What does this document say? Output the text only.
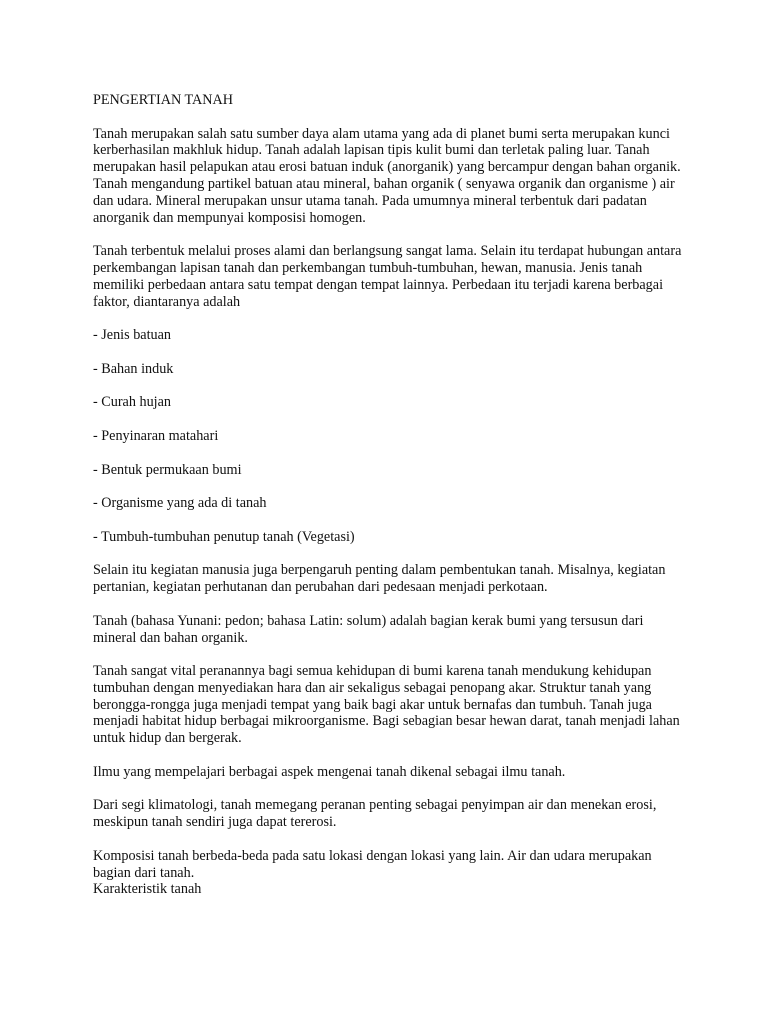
PENGERTIAN TANAH

Tanah merupakan salah satu sumber daya alam utama yang ada di planet bumi serta merupakan kunci kerberhasilan makhluk hidup. Tanah adalah lapisan tipis kulit bumi dan terletak paling luar. Tanah merupakan hasil pelapukan atau erosi batuan induk (anorganik) yang bercampur dengan bahan organik. Tanah mengandung partikel batuan atau mineral, bahan organik ( senyawa organik dan organisme ) air dan udara. Mineral merupakan unsur utama tanah. Pada umumnya mineral terbentuk dari padatan anorganik dan mempunyai komposisi homogen.

Tanah terbentuk melalui proses alami dan berlangsung sangat lama. Selain itu terdapat hubungan antara perkembangan lapisan tanah dan perkembangan tumbuh-tumbuhan, hewan, manusia. Jenis tanah memiliki perbedaan antara satu tempat dengan tempat lainnya. Perbedaan itu terjadi karena berbagai faktor, diantaranya adalah

- Jenis batuan
- Bahan induk
- Curah hujan
- Penyinaran matahari
- Bentuk permukaan bumi
- Organisme yang ada di tanah
- Tumbuh-tumbuhan penutup tanah (Vegetasi)

Selain itu kegiatan manusia juga berpengaruh penting dalam pembentukan tanah. Misalnya, kegiatan pertanian, kegiatan perhutanan dan perubahan dari pedesaan menjadi perkotaan.

Tanah (bahasa Yunani: pedon; bahasa Latin: solum) adalah bagian kerak bumi yang tersusun dari mineral dan bahan organik.

Tanah sangat vital peranannya bagi semua kehidupan di bumi karena tanah mendukung kehidupan tumbuhan dengan menyediakan hara dan air sekaligus sebagai penopang akar. Struktur tanah yang berongga-rongga juga menjadi tempat yang baik bagi akar untuk bernafas dan tumbuh. Tanah juga menjadi habitat hidup berbagai mikroorganisme. Bagi sebagian besar hewan darat, tanah menjadi lahan untuk hidup dan bergerak.

Ilmu yang mempelajari berbagai aspek mengenai tanah dikenal sebagai ilmu tanah.

Dari segi klimatologi, tanah memegang peranan penting sebagai penyimpan air dan menekan erosi, meskipun tanah sendiri juga dapat tererosi.

Komposisi tanah berbeda-beda pada satu lokasi dengan lokasi yang lain. Air dan udara merupakan bagian dari tanah.

Karakteristik tanah
